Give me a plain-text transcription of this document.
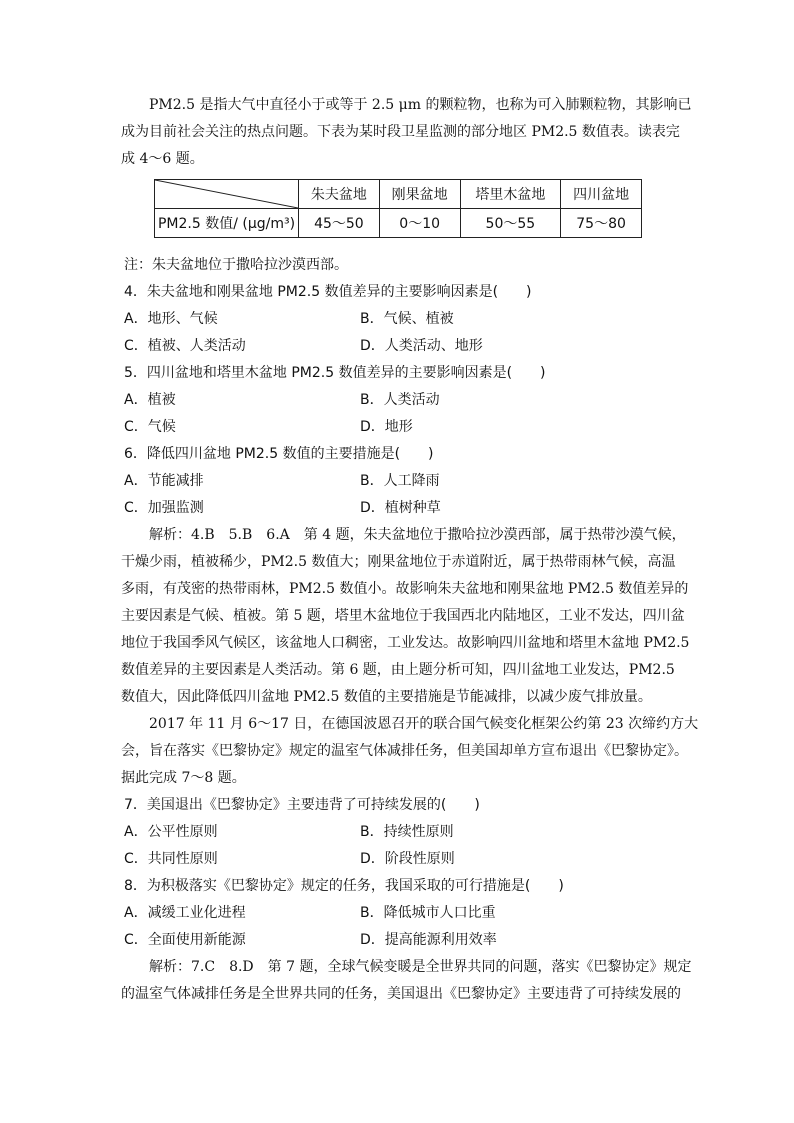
PM2.5 是指大气中直径小于或等于 2.5 μm 的颗粒物，也称为可入肺颗粒物，其影响已
成为目前社会关注的热点问题。下表为某时段卫星监测的部分地区 PM2.5 数值表。读表完
成 4～6 题。
	朱夫盆地	刚果盆地	塔里木盆地	四川盆地
PM2.5 数值/ (μg/m³)	45～50	0～10	50～55	75～80
注：朱夫盆地位于撒哈拉沙漠西部。
4．朱夫盆地和刚果盆地 PM2.5 数值差异的主要影响因素是(　　)
A．地形、气候	B．气候、植被
C．植被、人类活动	D．人类活动、地形
5．四川盆地和塔里木盆地 PM2.5 数值差异的主要影响因素是(　　)
A．植被	B．人类活动
C．气候	D．地形
6．降低四川盆地 PM2.5 数值的主要措施是(　　)
A．节能减排	B．人工降雨
C．加强监测	D．植树种草
解析：4.B　5.B　6.A　第 4 题，朱夫盆地位于撒哈拉沙漠西部，属于热带沙漠气候，
干燥少雨，植被稀少，PM2.5 数值大；刚果盆地位于赤道附近，属于热带雨林气候，高温
多雨，有茂密的热带雨林，PM2.5 数值小。故影响朱夫盆地和刚果盆地 PM2.5 数值差异的
主要因素是气候、植被。第 5 题，塔里木盆地位于我国西北内陆地区，工业不发达，四川盆
地位于我国季风气候区，该盆地人口稠密，工业发达。故影响四川盆地和塔里木盆地 PM2.5
数值差异的主要因素是人类活动。第 6 题，由上题分析可知，四川盆地工业发达，PM2.5
数值大，因此降低四川盆地 PM2.5 数值的主要措施是节能减排，以减少废气排放量。
2017 年 11 月 6～17 日，在德国波恩召开的联合国气候变化框架公约第 23 次缔约方大
会，旨在落实《巴黎协定》规定的温室气体减排任务，但美国却单方宣布退出《巴黎协定》。
据此完成 7～8 题。
7．美国退出《巴黎协定》主要违背了可持续发展的(　　)
A．公平性原则	B．持续性原则
C．共同性原则	D．阶段性原则
8．为积极落实《巴黎协定》规定的任务，我国采取的可行措施是(　　)
A．减缓工业化进程	B．降低城市人口比重
C．全面使用新能源	D．提高能源利用效率
解析：7.C　8.D　第 7 题，全球气候变暖是全世界共同的问题，落实《巴黎协定》规定
的温室气体减排任务是全世界共同的任务，美国退出《巴黎协定》主要违背了可持续发展的
